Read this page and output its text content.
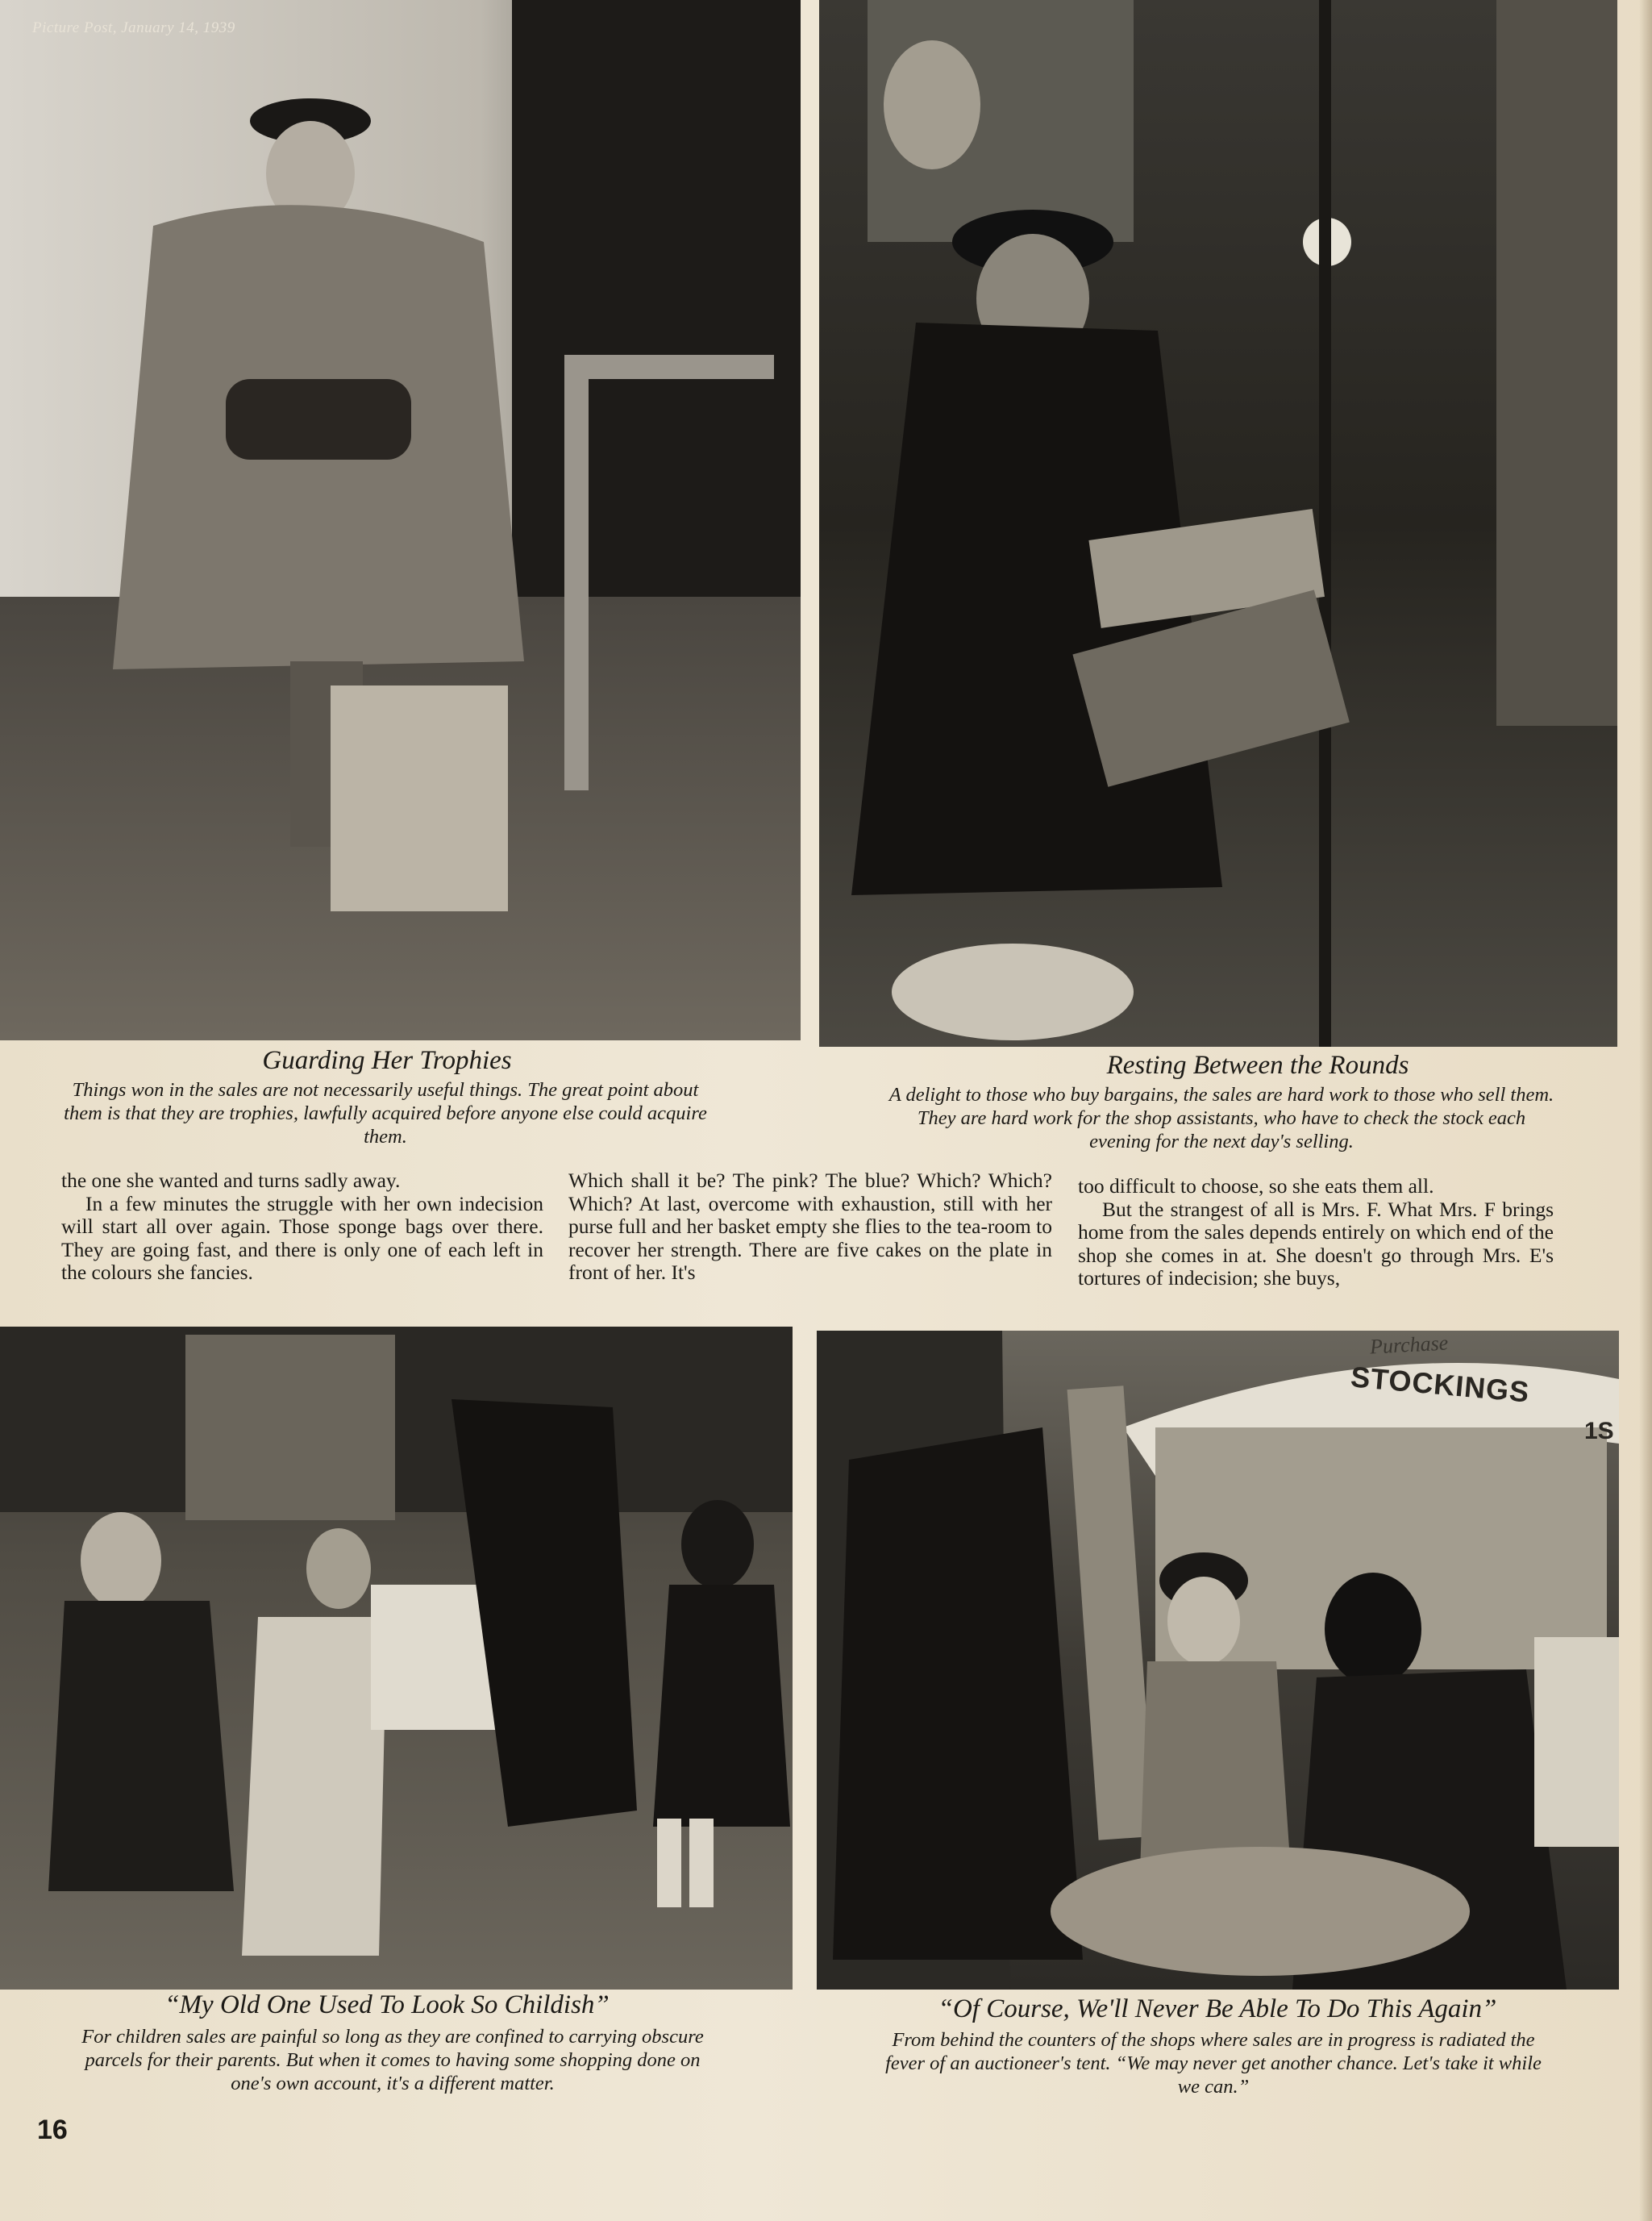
Picture Post, January 14, 1939
Guarding Her Trophies
Things won in the sales are not necessarily useful things. The great point about them is that they are trophies, lawfully acquired before anyone else could acquire them.
Resting Between the Rounds
A delight to those who buy bargains, the sales are hard work to those who sell them. They are hard work for the shop assistants, who have to check the stock each evening for the next day's selling.

the one she wanted and turns sadly away.

In a few minutes the struggle with her own indecision will start all over again. Those sponge bags over there. They are going fast, and there is only one of each left in the colours she fancies.

Which shall it be? The pink? The blue? Which? Which? Which? At last, overcome with exhaustion, still with her purse full and her basket empty she flies to the tea-room to recover her strength. There are five cakes on the plate in front of her. It's

too difficult to choose, so she eats them all.

But the strangest of all is Mrs. F. What Mrs. F brings home from the sales depends entirely on which end of the shop she comes in at. She doesn't go through Mrs. E's tortures of indecision; she buys,

Purchase
STOCKINGS
1S
“My Old One Used To Look So Childish”
For children sales are painful so long as they are confined to carrying obscure parcels for their parents. But when it comes to having some shopping done on one's own account, it's a different matter.
“Of Course, We'll Never Be Able To Do This Again”
From behind the counters of the shops where sales are in progress is radiated the fever of an auctioneer's tent. “We may never get another chance. Let's take it while we can.”
16
